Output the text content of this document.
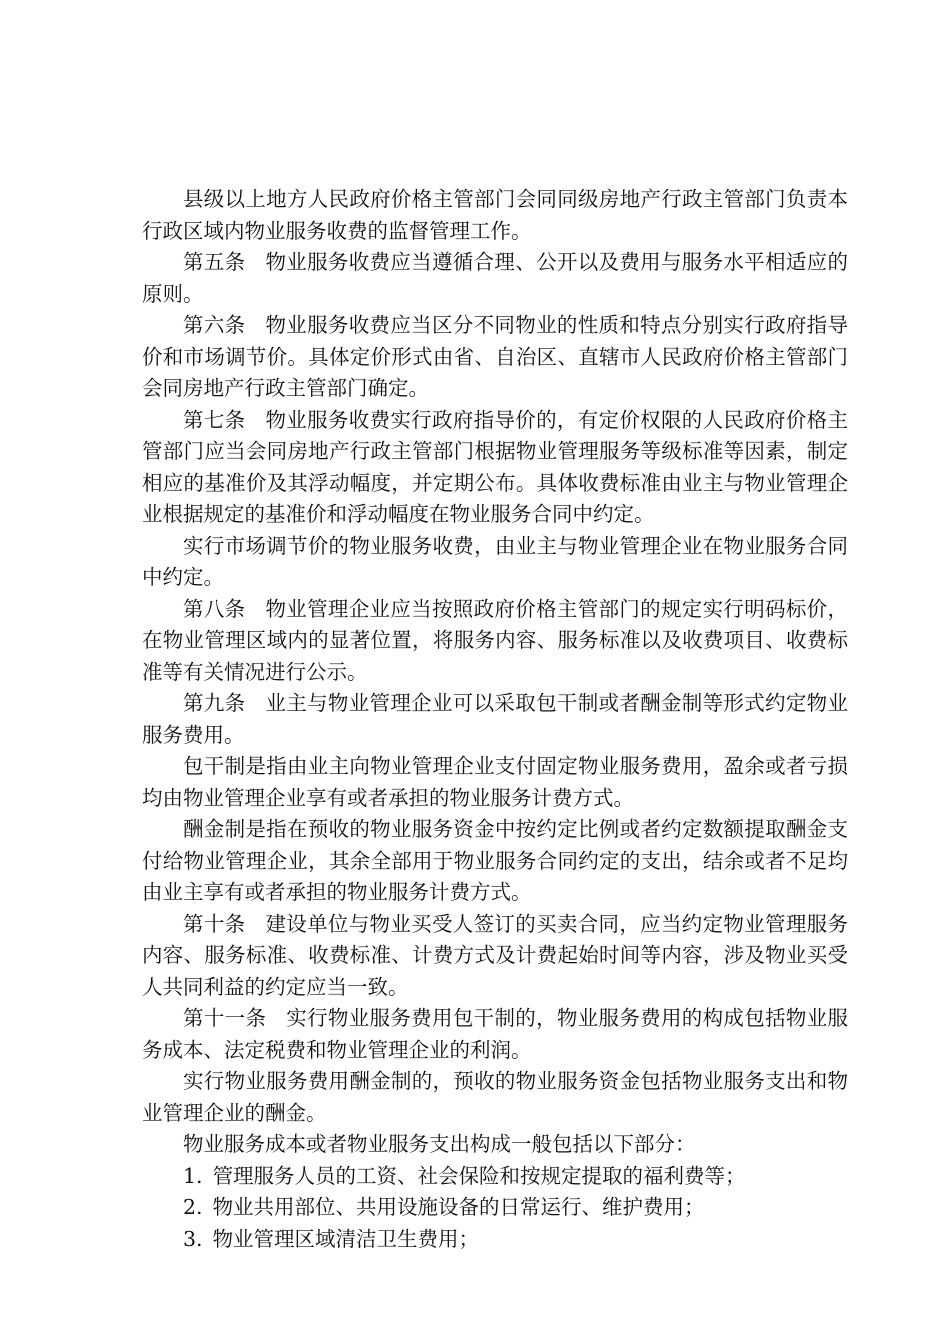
县级以上地方人民政府价格主管部门会同同级房地产行政主管部门负责本行政区域内物业服务收费的监督管理工作。

第五条 物业服务收费应当遵循合理、公开以及费用与服务水平相适应的原则。

第六条 物业服务收费应当区分不同物业的性质和特点分别实行政府指导价和市场调节价。具体定价形式由省、自治区、直辖市人民政府价格主管部门会同房地产行政主管部门确定。

第七条 物业服务收费实行政府指导价的，有定价权限的人民政府价格主管部门应当会同房地产行政主管部门根据物业管理服务等级标准等因素，制定相应的基准价及其浮动幅度，并定期公布。具体收费标准由业主与物业管理企业根据规定的基准价和浮动幅度在物业服务合同中约定。

实行市场调节价的物业服务收费，由业主与物业管理企业在物业服务合同中约定。

第八条 物业管理企业应当按照政府价格主管部门的规定实行明码标价，在物业管理区域内的显著位置，将服务内容、服务标准以及收费项目、收费标准等有关情况进行公示。

第九条 业主与物业管理企业可以采取包干制或者酬金制等形式约定物业服务费用。

包干制是指由业主向物业管理企业支付固定物业服务费用，盈余或者亏损均由物业管理企业享有或者承担的物业服务计费方式。

酬金制是指在预收的物业服务资金中按约定比例或者约定数额提取酬金支付给物业管理企业，其余全部用于物业服务合同约定的支出，结余或者不足均由业主享有或者承担的物业服务计费方式。

第十条 建设单位与物业买受人签订的买卖合同，应当约定物业管理服务内容、服务标准、收费标准、计费方式及计费起始时间等内容，涉及物业买受人共同利益的约定应当一致。

第十一条 实行物业服务费用包干制的，物业服务费用的构成包括物业服务成本、法定税费和物业管理企业的利润。

实行物业服务费用酬金制的，预收的物业服务资金包括物业服务支出和物业管理企业的酬金。

物业服务成本或者物业服务支出构成一般包括以下部分：

1. 管理服务人员的工资、社会保险和按规定提取的福利费等；

2. 物业共用部位、共用设施设备的日常运行、维护费用；

3. 物业管理区域清洁卫生费用；
